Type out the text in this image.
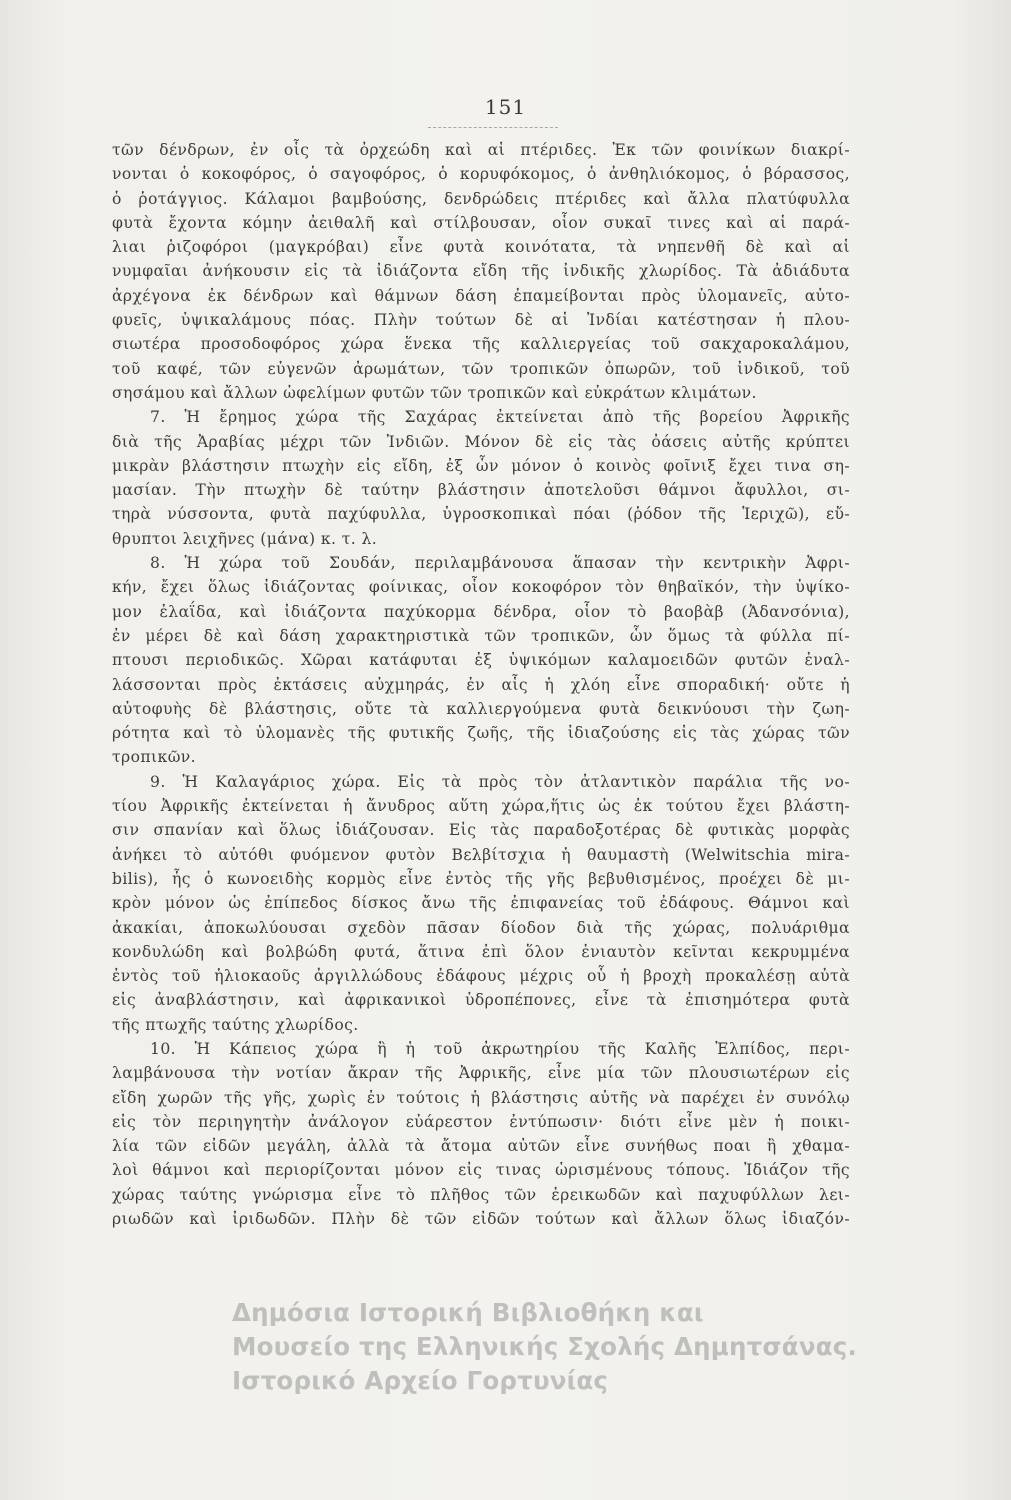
151
τῶν δένδρων, ἐν οἷς τὰ ὀρχεώδη καὶ αἱ πτέριδες. Ἐκ τῶν φοινίκων διακρί-
νονται ὁ κοκοφόρος, ὁ σαγοφόρος, ὁ κορυφόκομος, ὁ ἀνθηλιόκομος, ὁ βόρασσος,
ὁ ῥοτάγγιος. Κάλαμοι βαμβούσης, δενδρώδεις πτέριδες καὶ ἄλλα πλατύφυλλα
φυτὰ ἔχοντα κόμην ἀειθαλῆ καὶ στίλβουσαν, οἷον συκαῖ τινες καὶ αἱ παρά-
λιαι ῥιζοφόροι (μαγκρόβαι) εἶνε φυτὰ κοινότατα, τὰ νηπενθῆ δὲ καὶ αἱ
νυμφαῖαι ἀνήκουσιν εἰς τὰ ἰδιάζοντα εἴδη τῆς ἰνδικῆς χλωρίδος. Τὰ ἀδιάδυτα
ἀρχέγονα ἐκ δένδρων καὶ θάμνων δάση ἐπαμείβονται πρὸς ὑλομανεῖς, αὐτο-
φυεῖς, ὑψικαλάμους πόας. Πλὴν τούτων δὲ αἱ Ἰνδίαι κατέστησαν ἡ πλου-
σιωτέρα προσοδοφόρος χώρα ἕνεκα τῆς καλλιεργείας τοῦ σακχαροκαλάμου,
τοῦ καφέ, τῶν εὐγενῶν ἀρωμάτων, τῶν τροπικῶν ὀπωρῶν, τοῦ ἰνδικοῦ, τοῦ
σησάμου καὶ ἄλλων ὠφελίμων φυτῶν τῶν τροπικῶν καὶ εὐκράτων κλιμάτων.
7. Ἡ ἔρημος χώρα τῆς Σαχάρας ἐκτείνεται ἀπὸ τῆς βορείου Ἀφρικῆς
διὰ τῆς Ἀραβίας μέχρι τῶν Ἰνδιῶν. Μόνον δὲ εἰς τὰς ὀάσεις αὐτῆς κρύπτει
μικρὰν βλάστησιν πτωχὴν εἰς εἴδη, ἐξ ὧν μόνον ὁ κοινὸς φοῖνιξ ἔχει τινα ση-
μασίαν. Τὴν πτωχὴν δὲ ταύτην βλάστησιν ἀποτελοῦσι θάμνοι ἄφυλλοι, σι-
τηρὰ νύσσοντα, φυτὰ παχύφυλλα, ὑγροσκοπικαὶ πόαι (ῥόδον τῆς Ἱεριχῶ), εὔ-
θρυπτοι λειχῆνες (μάνα) κ. τ. λ.
8. Ἡ χώρα τοῦ Σουδάν, περιλαμβάνουσα ἅπασαν τὴν κεντρικὴν Ἀφρι-
κήν, ἔχει ὅλως ἰδιάζοντας φοίνικας, οἷον κοκοφόρον τὸν θηβαϊκόν, τὴν ὑψίκο-
μον ἐλαΐδα, καὶ ἰδιάζοντα παχύκορμα δένδρα, οἷον τὸ βαοβὰβ (Ἀδανσόνια),
ἐν μέρει δὲ καὶ δάση χαρακτηριστικὰ τῶν τροπικῶν, ὧν ὅμως τὰ φύλλα πί-
πτουσι περιοδικῶς. Χῶραι κατάφυται ἐξ ὑψικόμων καλαμοειδῶν φυτῶν ἐναλ-
λάσσονται πρὸς ἐκτάσεις αὐχμηράς, ἐν αἷς ἡ χλόη εἶνε σποραδική· οὔτε ἡ
αὐτοφυὴς δὲ βλάστησις, οὔτε τὰ καλλιεργούμενα φυτὰ δεικνύουσι τὴν ζωη-
ρότητα καὶ τὸ ὑλομανὲς τῆς φυτικῆς ζωῆς, τῆς ἰδιαζούσης εἰς τὰς χώρας τῶν
τροπικῶν.
9. Ἡ Καλαγάριος χώρα. Εἰς τὰ πρὸς τὸν ἀτλαντικὸν παράλια τῆς νο-
τίου Ἀφρικῆς ἐκτείνεται ἡ ἄνυδρος αὕτη χώρα,ἥτις ὡς ἐκ τούτου ἔχει βλάστη-
σιν σπανίαν καὶ ὅλως ἰδιάζουσαν. Εἰς τὰς παραδοξοτέρας δὲ φυτικὰς μορφὰς
ἀνήκει τὸ αὐτόθι φυόμενον φυτὸν Βελβίτσχια ἡ θαυμαστὴ (Welwitschia mira-
bilis), ἧς ὁ κωνοειδὴς κορμὸς εἶνε ἐντὸς τῆς γῆς βεβυθισμένος, προέχει δὲ μι-
κρὸν μόνον ὡς ἐπίπεδος δίσκος ἄνω τῆς ἐπιφανείας τοῦ ἐδάφους. Θάμνοι καὶ
ἀκακίαι, ἀποκωλύουσαι σχεδὸν πᾶσαν δίοδον διὰ τῆς χώρας, πολυάριθμα
κονδυλώδη καὶ βολβώδη φυτά, ἅτινα ἐπὶ ὅλον ἐνιαυτὸν κεῖνται κεκρυμμένα
ἐντὸς τοῦ ἡλιοκαοῦς ἀργιλλώδους ἐδάφους μέχρις οὗ ἡ βροχὴ προκαλέσῃ αὐτὰ
εἰς ἀναβλάστησιν, καὶ ἀφρικανικοὶ ὑδροπέπονες, εἶνε τὰ ἐπισημότερα φυτὰ
τῆς πτωχῆς ταύτης χλωρίδος.
10. Ἡ Κάπειος χώρα ἢ ἡ τοῦ ἀκρωτηρίου τῆς Καλῆς Ἐλπίδος, περι-
λαμβάνουσα τὴν νοτίαν ἄκραν τῆς Ἀφρικῆς, εἶνε μία τῶν πλουσιωτέρων εἰς
εἴδη χωρῶν τῆς γῆς, χωρὶς ἐν τούτοις ἡ βλάστησις αὐτῆς νὰ παρέχει ἐν συνόλῳ
εἰς τὸν περιηγητὴν ἀνάλογον εὐάρεστον ἐντύπωσιν· διότι εἶνε μὲν ἡ ποικι-
λία τῶν εἰδῶν μεγάλη, ἀλλὰ τὰ ἄτομα αὐτῶν εἶνε συνήθως ποαι ἢ χθαμα-
λοὶ θάμνοι καὶ περιορίζονται μόνον εἰς τινας ὡρισμένους τόπους. Ἰδιάζον τῆς
χώρας ταύτης γνώρισμα εἶνε τὸ πλῆθος τῶν ἐρεικωδῶν καὶ παχυφύλλων λει-
ριωδῶν καὶ ἰριδωδῶν. Πλὴν δὲ τῶν εἰδῶν τούτων καὶ ἄλλων ὅλως ἰδιαζόν-
Δημόσια Ιστορική Βιβλιοθήκη και
Μουσείο της Ελληνικής Σχολής Δημητσάνας.
Ιστορικό Αρχείο Γορτυνίας
